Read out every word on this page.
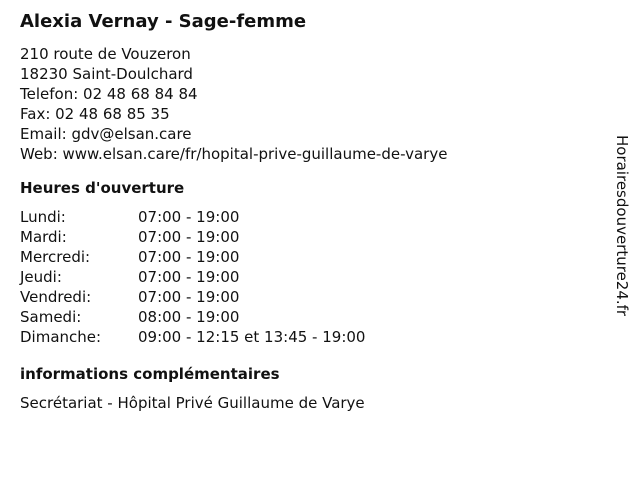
Alexia Vernay - Sage-femme
210 route de Vouzeron
18230 Saint-Doulchard
Telefon: 02 48 68 84 84
Fax: 02 48 68 85 35
Email: gdv@elsan.care
Web: www.elsan.care/fr/hopital-prive-guillaume-de-varye
Heures d'ouverture
Lundi:	07:00 - 19:00
Mardi:	07:00 - 19:00
Mercredi:	07:00 - 19:00
Jeudi:	07:00 - 19:00
Vendredi:	07:00 - 19:00
Samedi:	08:00 - 19:00
Dimanche:	09:00 - 12:15 et 13:45 - 19:00
informations complémentaires
Secrétariat - Hôpital Privé Guillaume de Varye
Horairesdouverture24.fr
